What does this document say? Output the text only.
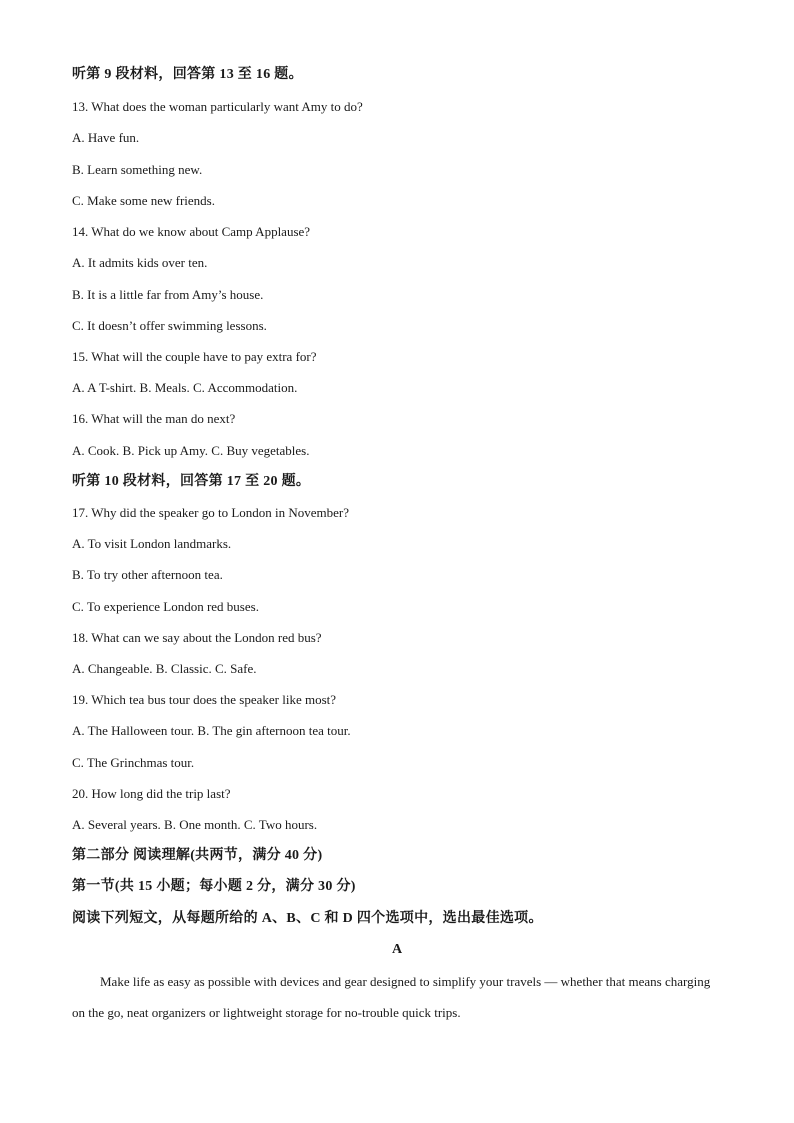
听第 9 段材料，回答第 13 至 16 题。
13. What does the woman particularly want Amy to do?
A. Have fun.
B. Learn something new.
C. Make some new friends.
14. What do we know about Camp Applause?
A. It admits kids over ten.
B. It is a little far from Amy’s house.
C. It doesn’t offer swimming lessons.
15. What will the couple have to pay extra for?
A. A T-shirt. B. Meals. C. Accommodation.
16. What will the man do next?
A. Cook. B. Pick up Amy. C. Buy vegetables.
听第 10 段材料，回答第 17 至 20 题。
17. Why did the speaker go to London in November?
A. To visit London landmarks.
B. To try other afternoon tea.
C. To experience London red buses.
18. What can we say about the London red bus?
A. Changeable. B. Classic. C. Safe.
19. Which tea bus tour does the speaker like most?
A. The Halloween tour. B. The gin afternoon tea tour.
C. The Grinchmas tour.
20. How long did the trip last?
A. Several years. B. One month. C. Two hours.
第二部分 阅读理解(共两节，满分 40 分)
第一节(共 15 小题；每小题 2 分，满分 30 分)
阅读下列短文，从每题所给的 A、B、C 和 D 四个选项中，选出最佳选项。
A
Make life as easy as possible with devices and gear designed to simplify your travels — whether that means charging on the go, neat organizers or lightweight storage for no-trouble quick trips.
